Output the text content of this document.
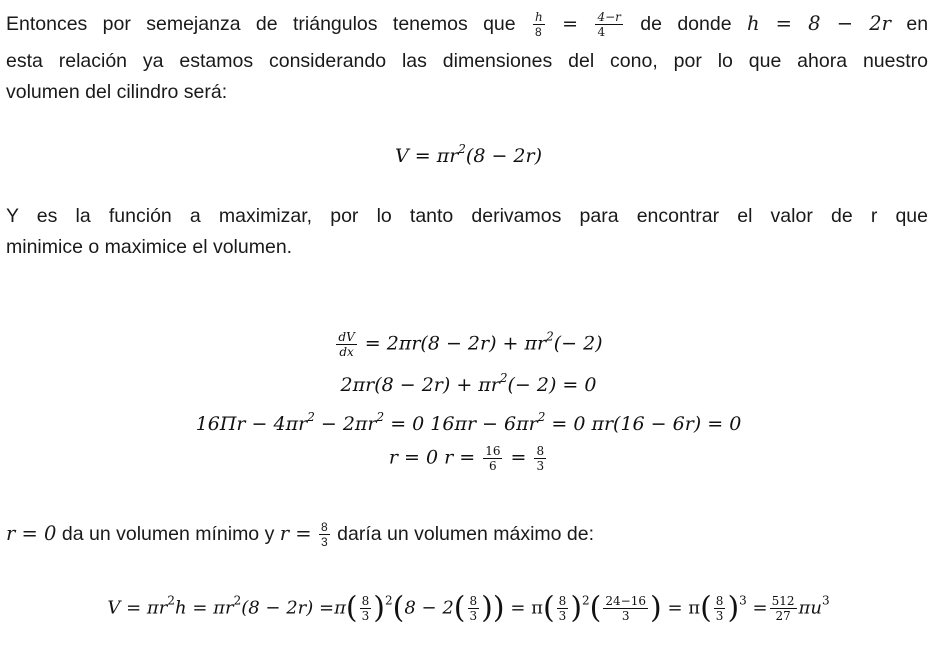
Entonces por semejanza de triángulos tenemos que $\frac{h}{8} = \frac{4-r}{4}$ de donde h = 8 − 2r en
esta relación ya estamos considerando las dimensiones del cono, por lo que ahora nuestro
volumen del cilindro será:
$V = \pi r^2(8 - 2r)$
Y es la función a maximizar, por lo tanto derivamos para encontrar el valor de r que
minimice o maximice el volumen.
$\frac{dV}{dx} = 2\pi r(8 - 2r) + \pi r^2(- 2)$
$2\pi r(8 - 2r) + \pi r^2(- 2) = 0$
$16\Pi r - 4\pi r^2 - 2\pi r^2 = 0$ $16\pi r - 6\pi r^2 = 0$ πr(16 − 6r) = 0
r = 0 $r = \frac{16}{6} = \frac{8}{3}$
r = 0 da un volumen mínimo y $r = \frac{8}{3}$ daría un volumen máximo de:
$V = \pi r^2h = \pi r^2(8 - 2r) =\pi( \frac{8}{3} )^2(8 - 2( \frac{8}{3}$ )) = $\pi( \frac{8}{3} )^2( \frac{24-16}{3}$ ) = $\pi( \frac{8}{3} )^3 = \frac{512}{27} \pi u^3$
